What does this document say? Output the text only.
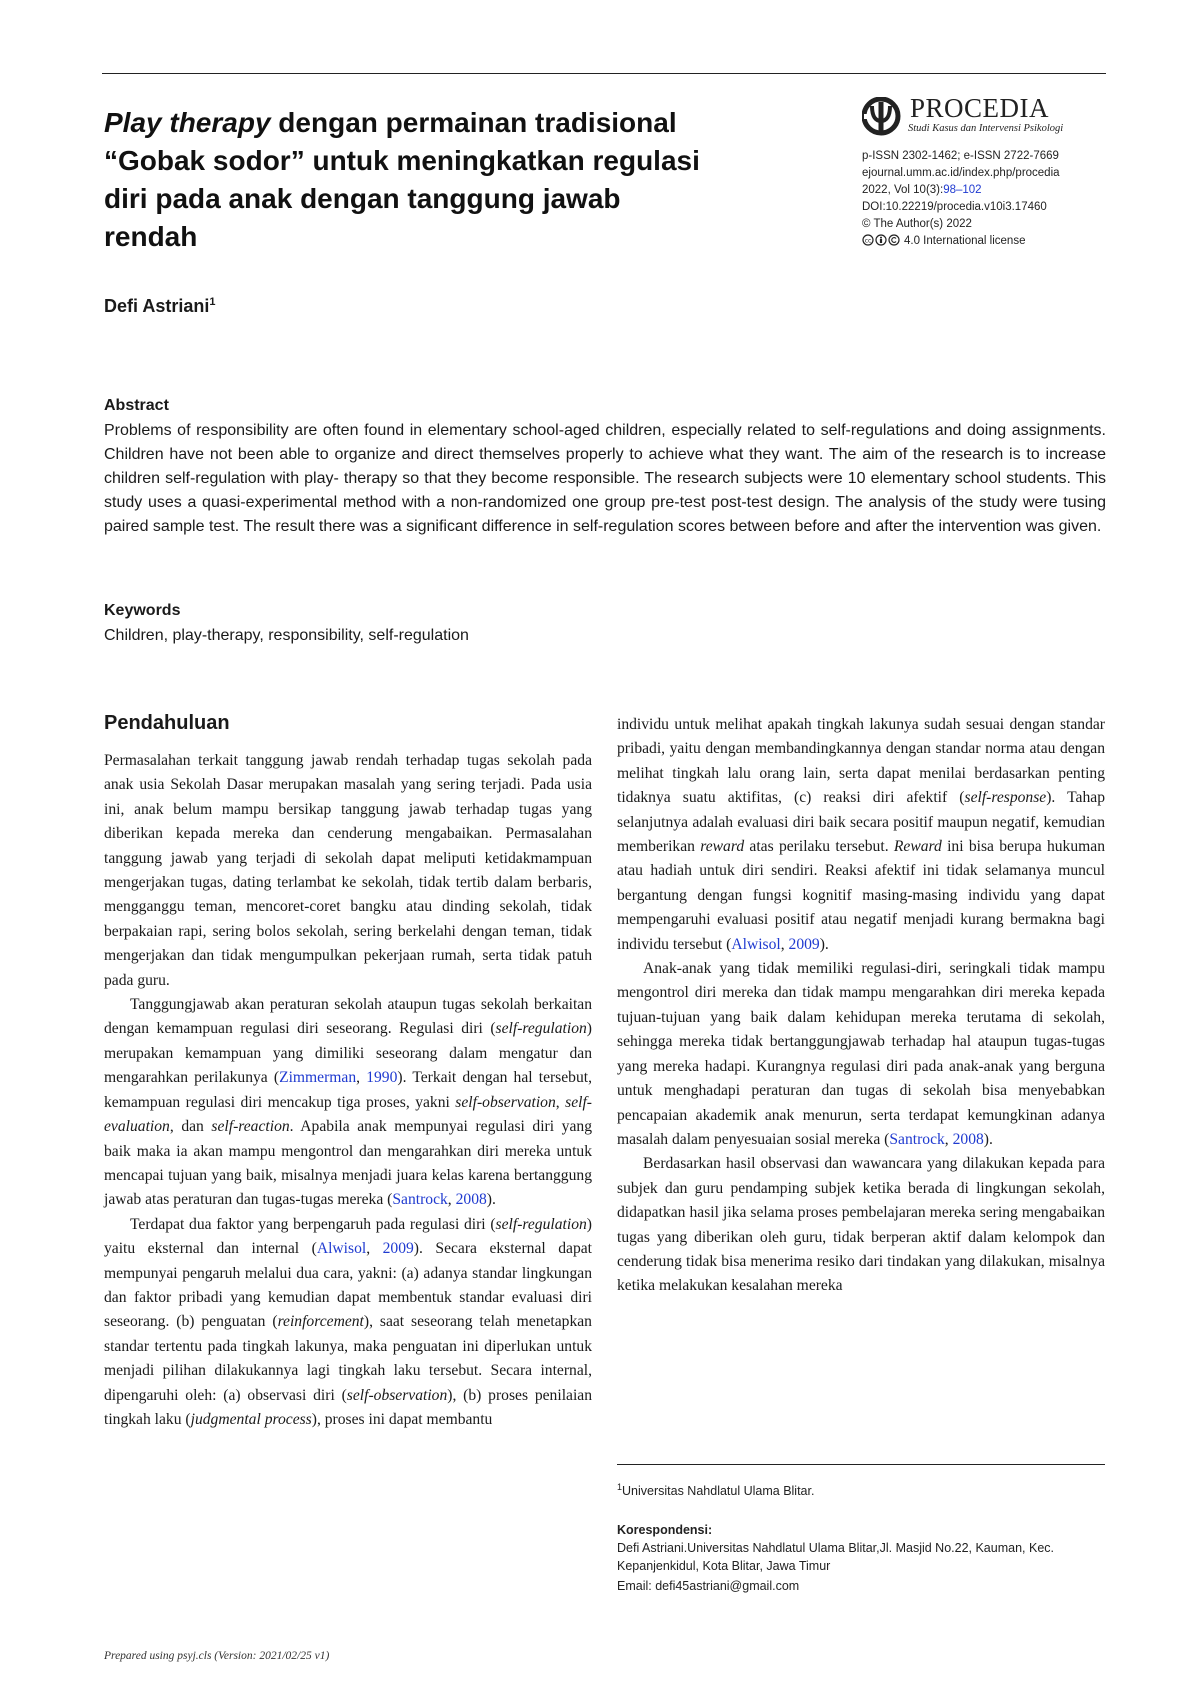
Play therapy dengan permainan tradisional
“Gobak sodor” untuk meningkatkan regulasi
diri pada anak dengan tanggung jawab
rendah
PROCEDIA
Studi Kasus dan Intervensi Psikologi
p-ISSN 2302-1462; e-ISSN 2722-7669
ejournal.umm.ac.id/index.php/procedia
2022, Vol 10(3):98–102
DOI:10.22219/procedia.v10i3.17460
© The Author(s) 2022
cc	4.0 International license
Defi Astriani$^1$
Abstract

Problems of responsibility are often found in elementary school-aged children, especially related to self-regulations and doing assignments. Children have not been able to organize and direct themselves properly to achieve what they want. The aim of the research is to increase children self-regulation with play- therapy so that they become responsible. The research subjects were 10 elementary school students. This study uses a quasi-experimental method with a non-randomized one group pre-test post-test design. The analysis of the study were tusing paired sample test. The result there was a significant difference in self-regulation scores between before and after the intervention was given.

Keywords

Children, play-therapy, responsibility, self-regulation

Pendahuluan

Permasalahan terkait tanggung jawab rendah terhadap tugas sekolah pada anak usia Sekolah Dasar merupakan masalah yang sering terjadi. Pada usia ini, anak belum mampu bersikap tanggung jawab terhadap tugas yang diberikan kepada mereka dan cenderung mengabaikan. Permasalahan tanggung jawab yang terjadi di sekolah dapat meliputi ketidakmampuan mengerjakan tugas, dating terlambat ke sekolah, tidak tertib dalam berbaris, mengganggu teman, mencoret-coret bangku atau dinding sekolah, tidak berpakaian rapi, sering bolos sekolah, sering berkelahi dengan teman, tidak mengerjakan dan tidak mengumpulkan pekerjaan rumah, serta tidak patuh pada guru.

Tanggungjawab akan peraturan sekolah ataupun tugas sekolah berkaitan dengan kemampuan regulasi diri seseorang. Regulasi diri (self-regulation) merupakan kemampuan yang dimiliki seseorang dalam mengatur dan mengarahkan perilakunya (Zimmerman, 1990). Terkait dengan hal tersebut, kemampuan regulasi diri mencakup tiga proses, yakni self-observation, self-evaluation, dan self-reaction. Apabila anak mempunyai regulasi diri yang baik maka ia akan mampu mengontrol dan mengarahkan diri mereka untuk mencapai tujuan yang baik, misalnya menjadi juara kelas karena bertanggung jawab atas peraturan dan tugas-tugas mereka (Santrock, 2008).

Terdapat dua faktor yang berpengaruh pada regulasi diri (self-regulation) yaitu eksternal dan internal (Alwisol, 2009). Secara eksternal dapat mempunyai pengaruh melalui dua cara, yakni: (a) adanya standar lingkungan dan faktor pribadi yang kemudian dapat membentuk standar evaluasi diri seseorang. (b) penguatan (reinforcement), saat seseorang telah menetapkan standar tertentu pada tingkah lakunya, maka penguatan ini diperlukan untuk menjadi pilihan dilakukannya lagi tingkah laku tersebut. Secara internal, dipengaruhi oleh: (a) observasi diri (self-observation), (b) proses penilaian tingkah laku (judgmental process), proses ini dapat membantu

individu untuk melihat apakah tingkah lakunya sudah sesuai dengan standar pribadi, yaitu dengan membandingkannya dengan standar norma atau dengan melihat tingkah lalu orang lain, serta dapat menilai berdasarkan penting tidaknya suatu aktifitas, (c) reaksi diri afektif (self-response). Tahap selanjutnya adalah evaluasi diri baik secara positif maupun negatif, kemudian memberikan reward atas perilaku tersebut. Reward ini bisa berupa hukuman atau hadiah untuk diri sendiri. Reaksi afektif ini tidak selamanya muncul bergantung dengan fungsi kognitif masing-masing individu yang dapat mempengaruhi evaluasi positif atau negatif menjadi kurang bermakna bagi individu tersebut (Alwisol, 2009).

Anak-anak yang tidak memiliki regulasi-diri, seringkali tidak mampu mengontrol diri mereka dan tidak mampu mengarahkan diri mereka kepada tujuan-tujuan yang baik dalam kehidupan mereka terutama di sekolah, sehingga mereka tidak bertanggungjawab terhadap hal ataupun tugas-tugas yang mereka hadapi. Kurangnya regulasi diri pada anak-anak yang berguna untuk menghadapi peraturan dan tugas di sekolah bisa menyebabkan pencapaian akademik anak menurun, serta terdapat kemungkinan adanya masalah dalam penyesuaian sosial mereka (Santrock, 2008).

Berdasarkan hasil observasi dan wawancara yang dilakukan kepada para subjek dan guru pendamping subjek ketika berada di lingkungan sekolah, didapatkan hasil jika selama proses pembelajaran mereka sering mengabaikan tugas yang diberikan oleh guru, tidak berperan aktif dalam kelompok dan cenderung tidak bisa menerima resiko dari tindakan yang dilakukan, misalnya ketika melakukan kesalahan mereka

$^1$Universitas Nahdlatul Ulama Blitar.

Korespondensi:

Defi Astriani.Universitas Nahdlatul Ulama Blitar,Jl. Masjid No.22, Kauman, Kec. Kepanjenkidul, Kota Blitar, Jawa Timur

Email: defi45astriani@gmail.com

Prepared using psyj.cls (Version: 2021/02/25 v1)
